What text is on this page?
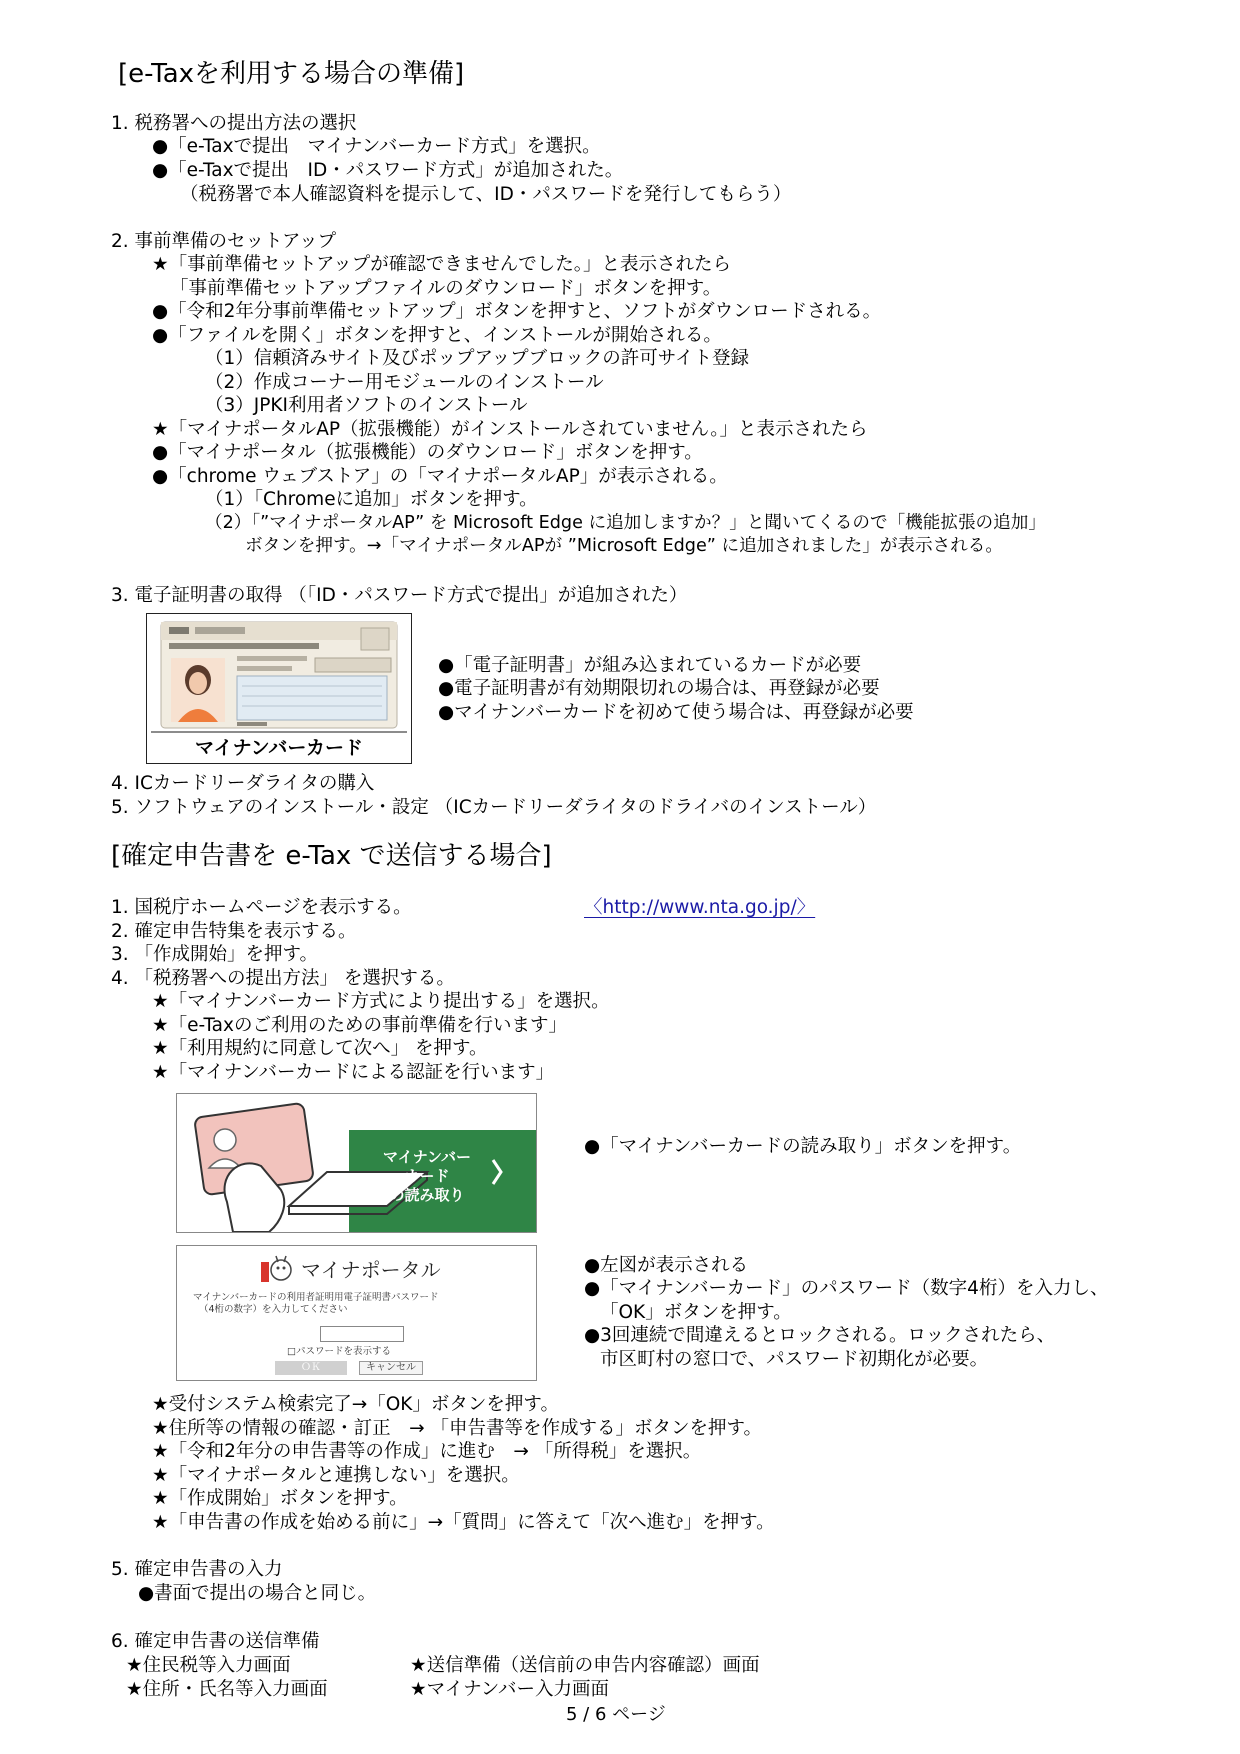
[e-Taxを利用する場合の準備]
1. 税務署への提出方法の選択
●「e-Taxで提出　マイナンバーカード方式」を選択。
●「e-Taxで提出　ID・パスワード方式」が追加された。
（税務署で本人確認資料を提示して、ID・パスワードを発行してもらう）
2. 事前準備のセットアップ
★「事前準備セットアップが確認できませんでした。」と表示されたら
「事前準備セットアップファイルのダウンロード」ボタンを押す。
●「令和2年分事前準備セットアップ」ボタンを押すと、ソフトがダウンロードされる。
●「ファイルを開く」ボタンを押すと、インストールが開始される。
（1）信頼済みサイト及びポップアップブロックの許可サイト登録
（2）作成コーナー用モジュールのインストール
（3）JPKI利用者ソフトのインストール
★「マイナポータルAP（拡張機能）がインストールされていません。」と表示されたら
●「マイナポータル（拡張機能）のダウンロード」ボタンを押す。
●「chrome ウェブストア」の「マイナポータルAP」が表示される。
（1）「Chromeに追加」ボタンを押す。
（2）「”マイナポータルAP” を Microsoft Edge に追加しますか？」と聞いてくるので「機能拡張の追加」
ボタンを押す。→「マイナポータルAPが ”Microsoft Edge” に追加されました」が表示される。
3. 電子証明書の取得 （「ID・パスワード方式で提出」が追加された）
マイナンバーカード
●「電子証明書」が組み込まれているカードが必要
●電子証明書が有効期限切れの場合は、再登録が必要
●マイナンバーカードを初めて使う場合は、再登録が必要
4. ICカードリーダライタの購入
5. ソフトウェアのインストール・設定 （ICカードリーダライタのドライバのインストール）
[確定申告書を e-Tax で送信する場合]
1. 国税庁ホームページを表示する。	〈http://www.nta.go.jp/〉
2. 確定申告特集を表示する。
3. 「作成開始」を押す。
4. 「税務署への提出方法」 を選択する。
★「マイナンバーカード方式により提出する」を選択。
★「e-Taxのご利用のための事前準備を行います」
★「利用規約に同意して次へ」 を押す。
★「マイナンバーカードによる認証を行います」
マイナンバー
カード
の読み取り
●「マイナンバーカードの読み取り」ボタンを押す。
マイナポータル
マイナンバーカードの利用者証明用電子証明書パスワード
（4桁の数字）を入力してください
□パスワードを表示する
ＯＫ	キャンセル
●左図が表示される
●「マイナンバーカード」のパスワード（数字4桁）を入力し、
「OK」ボタンを押す。
●3回連続で間違えるとロックされる。ロックされたら、
市区町村の窓口で、パスワード初期化が必要。
★受付システム検索完了→「OK」ボタンを押す。
★住所等の情報の確認・訂正　→ 「申告書等を作成する」ボタンを押す。
★「令和2年分の申告書等の作成」に進む　→ 「所得税」を選択。
★「マイナポータルと連携しない」を選択。
★「作成開始」ボタンを押す。
★「申告書の作成を始める前に」→「質問」に答えて「次へ進む」を押す。
5. 確定申告書の入力
●書面で提出の場合と同じ。
6. 確定申告書の送信準備
★住民税等入力画面	★送信準備（送信前の申告内容確認）画面
★住所・氏名等入力画面	★マイナンバー入力画面
5 / 6 ページ
